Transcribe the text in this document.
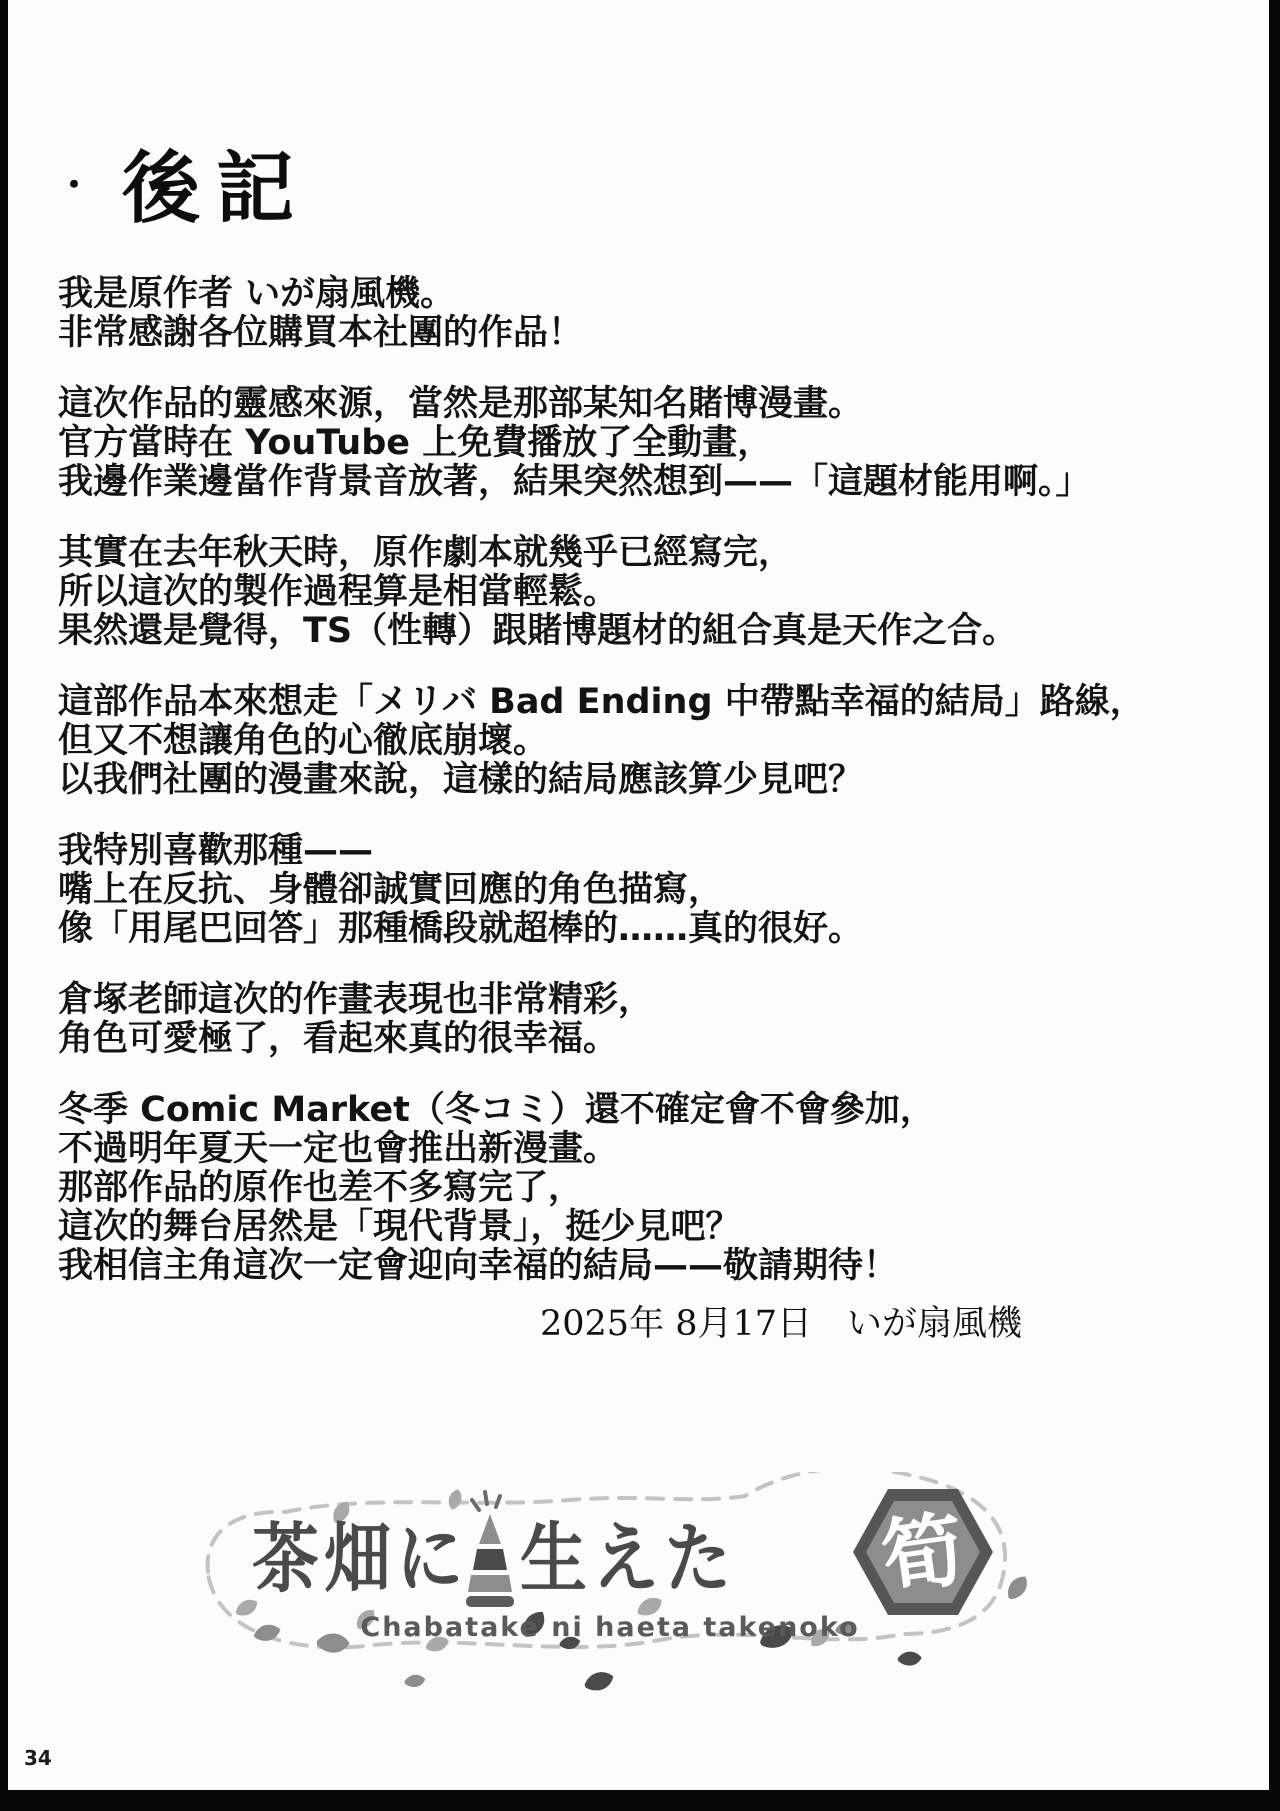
・ 後記
我是原作者 いが扇風機。
非常感謝各位購買本社團的作品！
這次作品的靈感來源，當然是那部某知名賭博漫畫。
官方當時在 YouTube 上免費播放了全動畫，
我邊作業邊當作背景音放著，結果突然想到——「這題材能用啊。」
其實在去年秋天時，原作劇本就幾乎已經寫完，
所以這次的製作過程算是相當輕鬆。
果然還是覺得，TS（性轉）跟賭博題材的組合真是天作之合。
這部作品本來想走「メリバ Bad Ending 中帶點幸福的結局」路線，
但又不想讓角色的心徹底崩壞。
以我們社團的漫畫來說，這樣的結局應該算少見吧？
我特別喜歡那種——
嘴上在反抗、身體卻誠實回應的角色描寫，
像「用尾巴回答」那種橋段就超棒的……真的很好。
倉塚老師這次的作畫表現也非常精彩，
角色可愛極了，看起來真的很幸福。
冬季 Comic Market（冬コミ）還不確定會不會參加，
不過明年夏天一定也會推出新漫畫。
那部作品的原作也差不多寫完了，
這次的舞台居然是「現代背景」，挺少見吧？
我相信主角這次一定會迎向幸福的結局——敬請期待！
2025年 8月17日　いが扇風機
筍
茶畑に 生えた
Chabatake ni haeta takenoko
34
